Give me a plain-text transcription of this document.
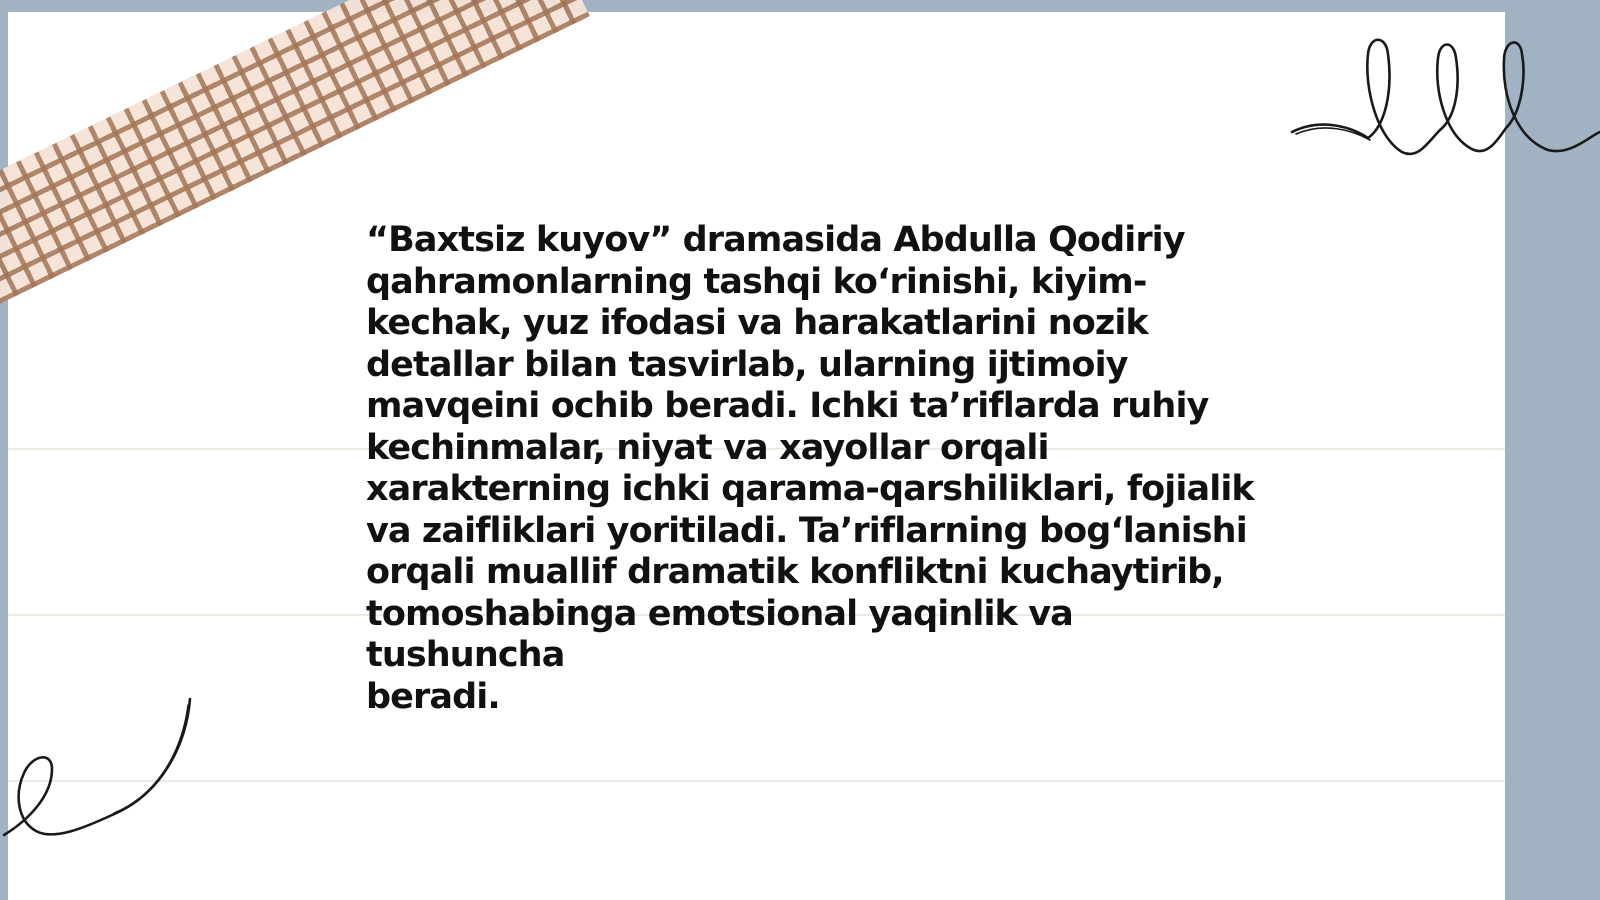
“Baxtsiz kuyov” dramasida Abdulla Qodiriy
qahramonlarning tashqi ko‘rinishi, kiyim-
kechak, yuz ifodasi va harakatlarini nozik
detallar bilan tasvirlab, ularning ijtimoiy
mavqeini ochib beradi. Ichki ta’riflarda ruhiy
kechinmalar, niyat va xayollar orqali
xarakterning ichki qarama-qarshiliklari, fojialik
va zaifliklari yoritiladi. Ta’riflarning bog‘lanishi
orqali muallif dramatik konfliktni kuchaytirib,
tomoshabinga emotsional yaqinlik va tushuncha
beradi.
